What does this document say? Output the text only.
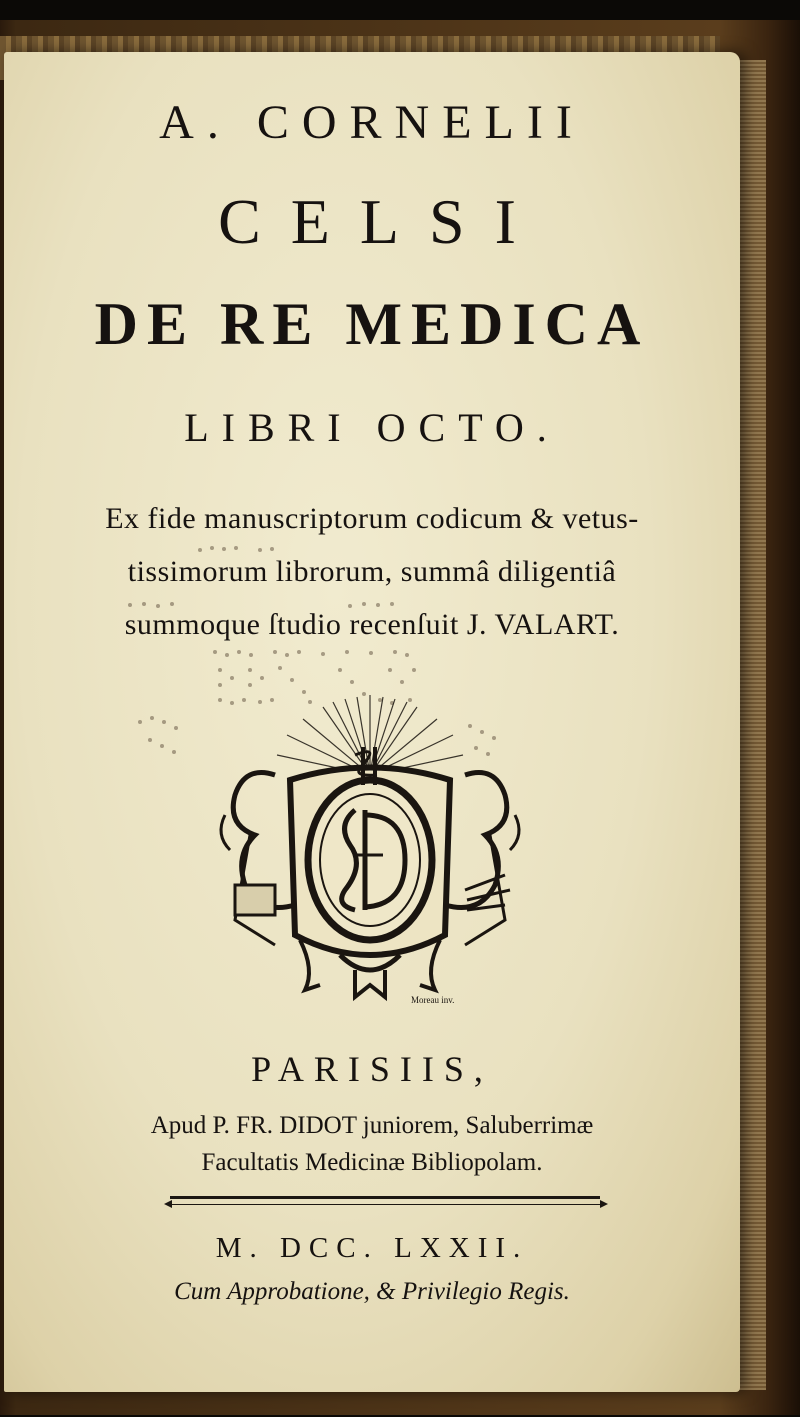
A. CORNELII
CELSI
DE RE MEDICA
LIBRI OCTO.
Ex fide manuscriptorum codicum & vetus-
tissimorum librorum, summâ diligentiâ
summoque ſtudio recenſuit J. VALART.
Moreau inv.
PARISIIS,
Apud P. FR. DIDOT juniorem, Saluberrimæ
Facultatis Medicinæ Bibliopolam.
M. DCC. LXXII.
Cum Approbatione, & Privilegio Regis.
